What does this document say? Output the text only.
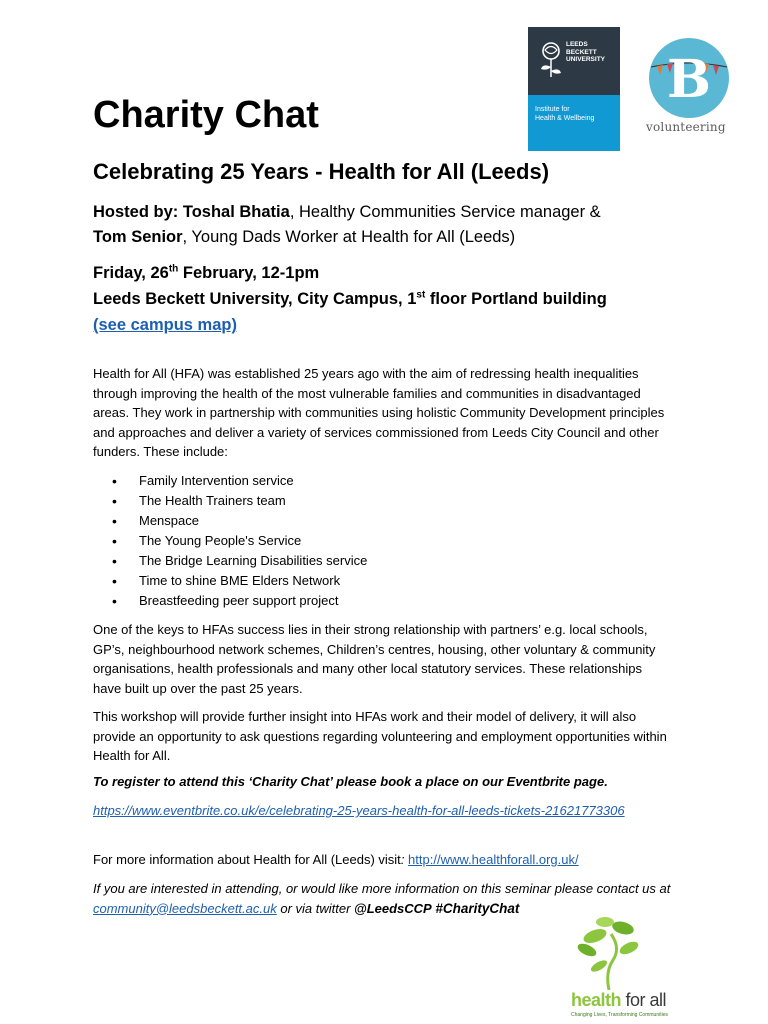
LEEDS
BECKETT
UNIVERSITY
Institute for
Health & Wellbeing
B
volunteering
Charity Chat
Celebrating 25 Years - Health for All (Leeds)
Hosted by: Toshal Bhatia, Healthy Communities Service manager &
Tom Senior, Young Dads Worker at Health for All (Leeds)
Friday, 26th February, 12-1pm
Leeds Beckett University, City Campus, 1st floor Portland building
(see campus map)
Health for All (HFA) was established 25 years ago with the aim of redressing health inequalities through improving the health of the most vulnerable families and communities in disadvantaged areas. They work in partnership with communities using holistic Community Development principles and approaches and deliver a variety of services commissioned from Leeds City Council and other funders. These include:
• Family Intervention service
• The Health Trainers team
• Menspace
• The Young People's Service
• The Bridge Learning Disabilities service
• Time to shine BME Elders Network
• Breastfeeding peer support project
One of the keys to HFAs success lies in their strong relationship with partners’ e.g. local schools, GP’s, neighbourhood network schemes, Children’s centres, housing, other voluntary & community organisations, health professionals and many other local statutory services. These relationships have built up over the past 25 years.
This workshop will provide further insight into HFAs work and their model of delivery, it will also provide an opportunity to ask questions regarding volunteering and employment opportunities within Health for All.
To register to attend this ‘Charity Chat’ please book a place on our Eventbrite page.
https://www.eventbrite.co.uk/e/celebrating-25-years-health-for-all-leeds-tickets-21621773306
For more information about Health for All (Leeds) visit: http://www.healthforall.org.uk/
If you are interested in attending, or would like more information on this seminar please contact us at community@leedsbeckett.ac.uk or via twitter @LeedsCCP #CharityChat
health for all
Changing Lives, Transforming Communities
